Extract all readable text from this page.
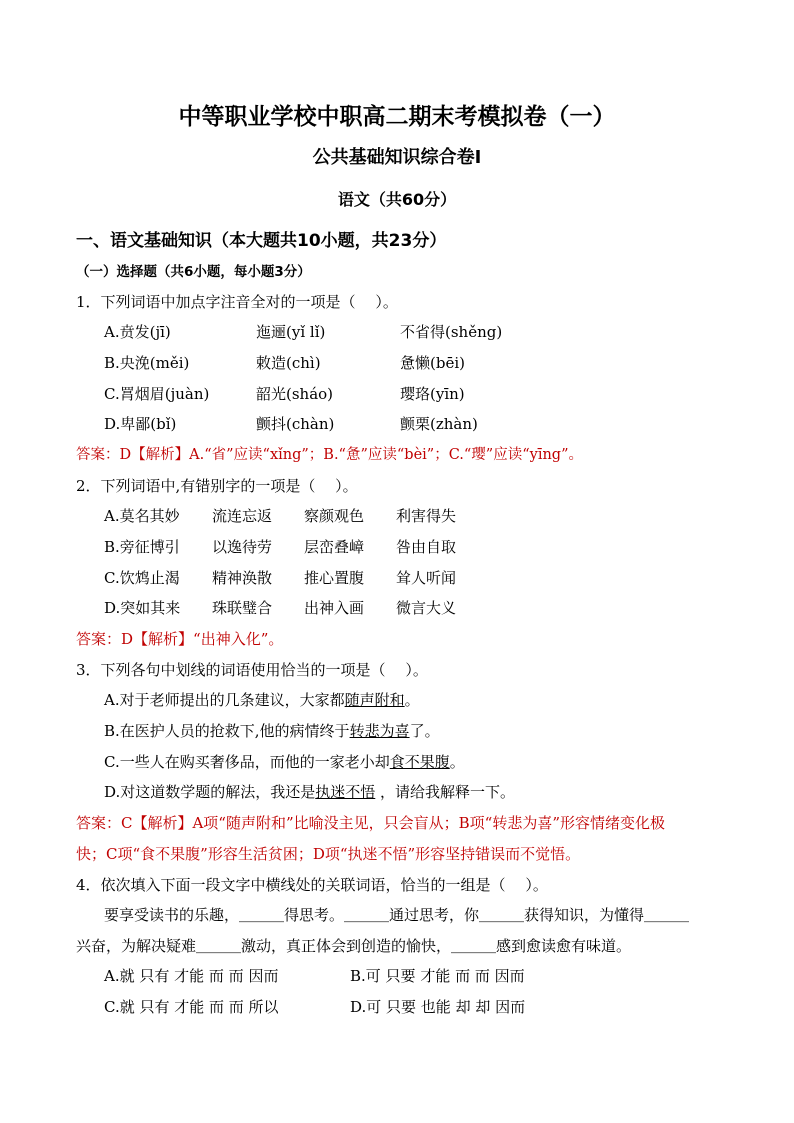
中等职业学校中职高二期末考模拟卷（一）
公共基础知识综合卷Ⅰ
语文（共60分）
一、语文基础知识（本大题共10小题，共23分）
（一）选择题（共6小题，每小题3分）
1．下列词语中加点字注音全对的一项是（　 ）。
A.贲发(jī)	迤逦(yǐ lǐ)	不省得(shěng)
B.央浼(měi)	敕造(chì)	惫懒(bēi)
C.罥烟眉(juàn)	韶光(sháo)	璎珞(yīn)
D.卑鄙(bǐ)	颤抖(chàn)	颤栗(zhàn)
答案：D【解析】A.“省”应读“xǐng”；B.“惫”应读“bèi”；C.“璎”应读“yīng”。
2．下列词语中,有错别字的一项是（　 ）。
A.莫名其妙 流连忘返 察颜观色 利害得失
B.旁征博引 以逸待劳 层峦叠嶂 咎由自取
C.饮鸩止渴 精神涣散 推心置腹 耸人听闻
D.突如其来 珠联璧合 出神入画 微言大义
答案：D【解析】“出神入化”。
3．下列各句中划线的词语使用恰当的一项是（　 ）。
A.对于老师提出的几条建议，大家都随声附和。
B.在医护人员的抢救下,他的病情终于转悲为喜了。
C.一些人在购买奢侈品，而他的一家老小却食不果腹。
D.对这道数学题的解法，我还是执迷不悟 ，请给我解释一下。
答案：C【解析】A项“随声附和”比喻没主见，只会盲从；B项“转悲为喜”形容情绪变化极
快；C项“食不果腹”形容生活贫困；D项“执迷不悟”形容坚持错误而不觉悟。
4．依次填入下面一段文字中横线处的关联词语，恰当的一组是（　 ）。
要享受读书的乐趣，＿＿＿得思考。＿＿＿通过思考，你＿＿＿获得知识，为懂得＿＿＿
兴奋，为解决疑难＿＿＿激动，真正体会到创造的愉快，＿＿＿感到愈读愈有味道。
A.就 只有 才能 而 而 因而	B.可 只要 才能 而 而 因而
C.就 只有 才能 而 而 所以	D.可 只要 也能 却 却 因而
